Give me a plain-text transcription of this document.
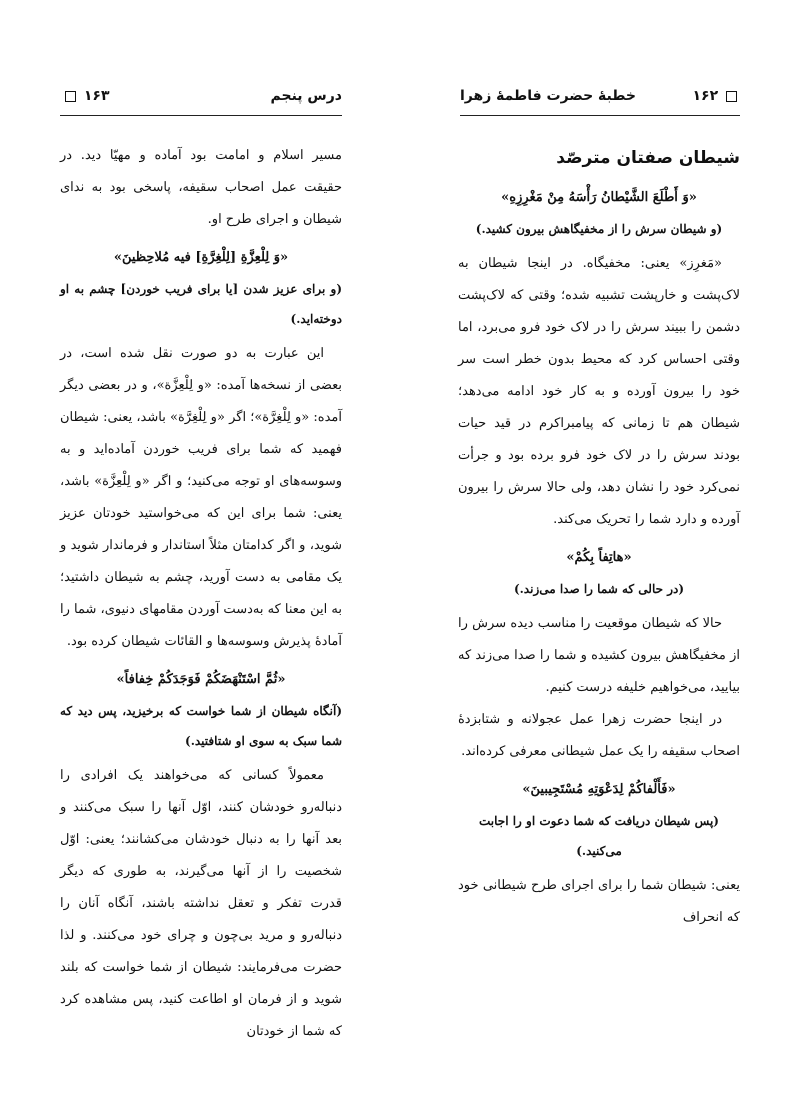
درس پنجم
۱۶۳

مسیر اسلام و امامت بود آماده و مهیّا دید. در حقیقت عمل اصحاب سقیفه، پاسخی بود به ندای شیطان و اجرای طرح او.

«وَ لِلْعِزَّةِ [لِلْغِرَّةِ] فیه مُلاحِظینَ»

(و برای عزیز شدن [یا برای فریب خوردن] چشم به او دوخته‌اید.)

این عبارت به دو صورت نقل شده است، در بعضی از نسخه‌ها آمده: «و لِلْعِزَّة»، و در بعضی دیگر آمده: «و لِلْغِرَّة»؛ اگر «و لِلْغِرَّة» باشد، یعنی: شیطان فهمید که شما برای فریب خوردن آماده‌اید و به وسوسه‌های او توجه می‌کنید؛ و اگر «و لِلْعِزَّة» باشد، یعنی: شما برای این که می‌خواستید خودتان عزیز شوید، و اگر کدامتان مثلاً استاندار و فرماندار شوید و یک مقامی به دست آورید، چشم به شیطان داشتید؛ به این معنا که به‌دست آوردن مقامهای دنیوی، شما را آمادهٔ پذیرش وسوسه‌ها و القائات شیطان کرده بود.

«ثُمَّ اسْتَنْهَضَکُمْ فَوَجَدَکُمْ خِفافاً»

(آنگاه شیطان از شما خواست که برخیزید، پس دید که شما سبک به سوی او شتافتید.)

معمولاً کسانی که می‌خواهند یک افرادی را دنباله‌رو خودشان کنند، اوّل آنها را سبک می‌کنند و بعد آنها را به دنبال خودشان می‌کشانند؛ یعنی: اوّل شخصیت را از آنها می‌گیرند، به طوری که دیگر قدرت تفکر و تعقل نداشته باشند، آنگاه آنان را دنباله‌رو و مرید بی‌چون و چرای خود می‌کنند. و لذا حضرت می‌فرمایند: شیطان از شما خواست که بلند شوید و از فرمان او اطاعت کنید، پس مشاهده کرد که شما از خودتان

خطبهٔ حضرت فاطمهٔ زهرا	۱۶۲
شیطان صفتان مترصّد

«وَ أَطْلَعَ الشَّیْطانُ رَأْسَهُ مِنْ مَغْرِزِهِ»

(و شیطان سرش را از مخفیگاهش بیرون کشید.)

«مَغرِز» یعنی: مخفیگاه. در اینجا شیطان به لاک‌پشت و خارپشت تشبیه شده؛ وقتی که لاک‌پشت دشمن را ببیند سرش را در لاک خود فرو می‌برد، اما وقتی احساس کرد که محیط بدون خطر است سر خود را بیرون آورده و به کار خود ادامه می‌دهد؛ شیطان هم تا زمانی که پیامبراکرم در قید حیات بودند سرش را در لاک خود فرو برده بود و جرأت نمی‌کرد خود را نشان دهد، ولی حالا سرش را بیرون آورده و دارد شما را تحریک می‌کند.

«هاتِفاً بِکُمْ»

(در حالی که شما را صدا می‌زند.)

حالا که شیطان موقعیت را مناسب دیده سرش را از مخفیگاهش بیرون کشیده و شما را صدا می‌زند که بیایید، می‌خواهیم خلیفه درست کنیم.

در اینجا حضرت زهرا عمل عجولانه و شتابزدهٔ اصحاب سقیفه را یک عمل شیطانی معرفی کرده‌اند.

«فَأَلْفاکُمْ لِدَعْوَتِهِ مُسْتَجِیبینَ»

(پس شیطان دریافت که شما دعوت او را اجابت می‌کنید.)

یعنی: شیطان شما را برای اجرای طرح شیطانی خود که انحراف
